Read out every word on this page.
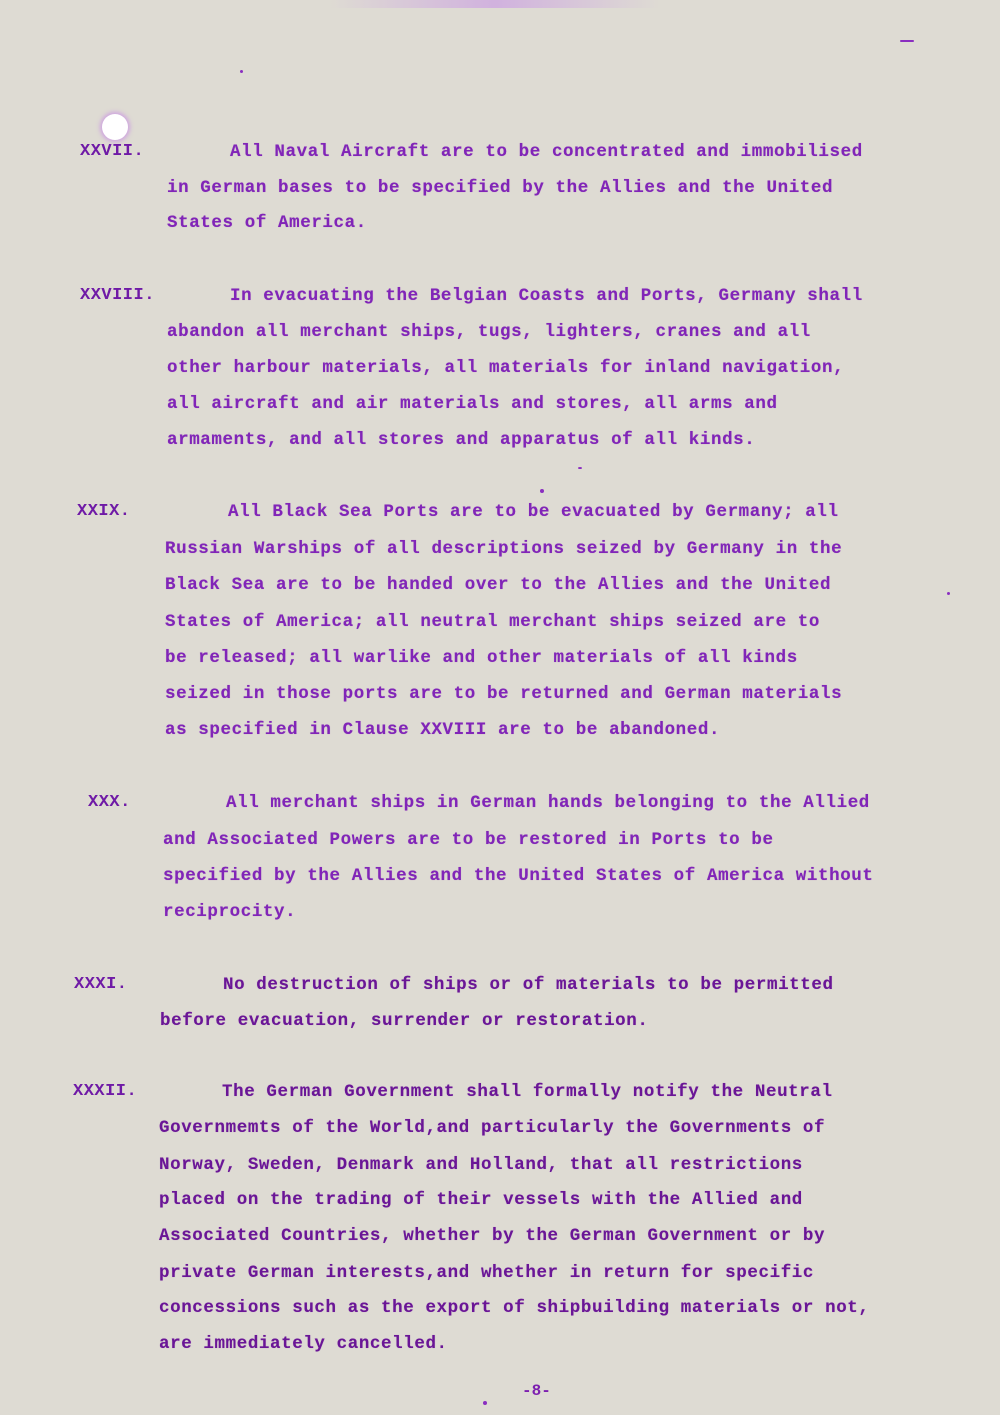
XXVII.	All Naval Aircraft are to be concentrated and immobilised
in German bases to be specified by the Allies and the United
States of America.
XXVIII.	In evacuating the Belgian Coasts and Ports, Germany shall
abandon all merchant ships, tugs, lighters, cranes and all
other harbour materials, all materials for inland navigation,
all aircraft and air materials and stores, all arms and
armaments, and all stores and apparatus of all kinds.
XXIX.	All Black Sea Ports are to be evacuated by Germany; all
Russian Warships of all descriptions seized by Germany in the
Black Sea are to be handed over to the Allies and the United
States of America; all neutral merchant ships seized are to
be released; all warlike and other materials of all kinds
seized in those ports are to be returned and German materials
as specified in Clause XXVIII are to be abandoned.
XXX.	All merchant ships in German hands belonging to the Allied
and Associated Powers are to be restored in Ports to be
specified by the Allies and the United States of America without
reciprocity.
XXXI.	No destruction of ships or of materials to be permitted
before evacuation, surrender or restoration.
XXXII.	The German Government shall formally notify the Neutral
Governmemts of the World,and particularly the Governments of
Norway, Sweden, Denmark and Holland, that all restrictions
placed on the trading of their vessels with the Allied and
Associated Countries, whether by the German Government or by
private German interests,and whether in return for specific
concessions such as the export of shipbuilding materials or not,
are immediately cancelled.
-8-
